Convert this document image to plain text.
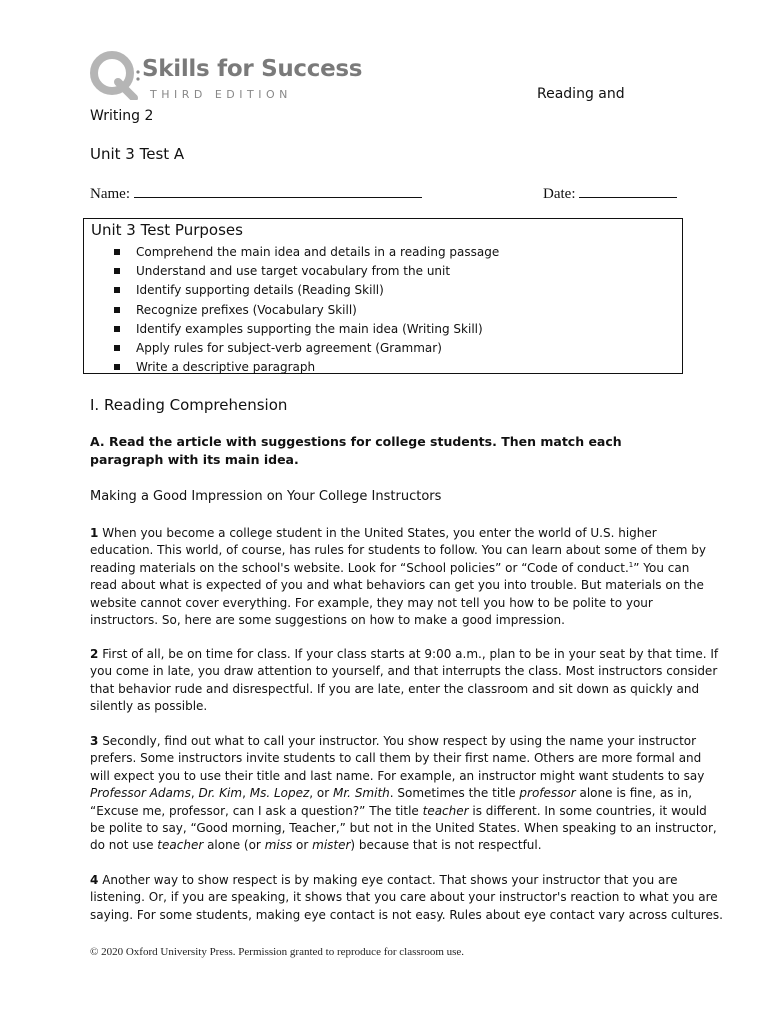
Skills for Success
THIRD EDITION	Reading and
Writing 2
Unit 3 Test A
Name:	Date:
Unit 3 Test Purposes
Comprehend the main idea and details in a reading passage
Understand and use target vocabulary from the unit
Identify supporting details (Reading Skill)
Recognize prefixes (Vocabulary Skill)
Identify examples supporting the main idea (Writing Skill)
Apply rules for subject-verb agreement (Grammar)
Write a descriptive paragraph
I. Reading Comprehension
A. Read the article with suggestions for college students. Then match each paragraph with its main idea.
Making a Good Impression on Your College Instructors

1 When you become a college student in the United States, you enter the world of U.S. higher
education. This world, of course, has rules for students to follow. You can learn about some of them by
reading materials on the school's website. Look for “School policies” or “Code of conduct.$^1$” You can
read about what is expected of you and what behaviors can get you into trouble. But materials on the
website cannot cover everything. For example, they may not tell you how to be polite to your
instructors. So, here are some suggestions on how to make a good impression.

2 First of all, be on time for class. If your class starts at 9:00 a.m., plan to be in your seat by that time. If
you come in late, you draw attention to yourself, and that interrupts the class. Most instructors consider
that behavior rude and disrespectful. If you are late, enter the classroom and sit down as quickly and
silently as possible.

3 Secondly, find out what to call your instructor. You show respect by using the name your instructor
prefers. Some instructors invite students to call them by their first name. Others are more formal and
will expect you to use their title and last name. For example, an instructor might want students to say
Professor Adams, Dr. Kim, Ms. Lopez, or Mr. Smith. Sometimes the title professor alone is fine, as in,
“Excuse me, professor, can I ask a question?” The title teacher is different. In some countries, it would
be polite to say, “Good morning, Teacher,” but not in the United States. When speaking to an instructor,
do not use teacher alone (or miss or mister) because that is not respectful.

4 Another way to show respect is by making eye contact. That shows your instructor that you are
listening. Or, if you are speaking, it shows that you care about your instructor's reaction to what you are
saying. For some students, making eye contact is not easy. Rules about eye contact vary across cultures.

© 2020 Oxford University Press. Permission granted to reproduce for classroom use.
